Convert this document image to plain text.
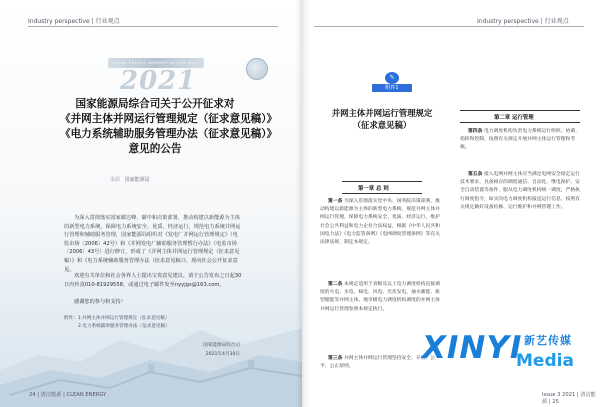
Industry perspective | 行业观点
CHINA ENERGY ADMINISTRATION 2021
2021
国家能源局综合司关于公开征求对
《并网主体并网运行管理规定（征求意见稿）》
《电力系统辅助服务管理办法（征求意见稿）》
意见的公告
来源 国家能源局
为深入贯彻落实国家碳达峰、碳中和决策部署，推动构建以新能源为主体的新型电力系统，保障电力系统安全、优质、经济运行，规范电力系统并网运行管理和辅助服务管理，国家能源局组织对《发电厂并网运行管理规定》（电监市场〔2006〕42号）和《并网发电厂辅助服务管理暂行办法》（电监市场〔2006〕43号）进行修订，形成了《并网主体并网运行管理规定（征求意见稿）》和《电力系统辅助服务管理办法（征求意见稿）》，现向社会公开征求意见。
欢迎有关单位和社会各界人士提出宝贵意见建议，请于公告发布之日起30日内传真010-81929558，或通过电子邮件发至nyyjgs@163.com。
感谢您的参与和支持！
附件：1.并网主体并网运行管理规定（征求意见稿）
2.电力系统辅助服务管理办法（征求意见稿）
国家能源局综合司
2021年4月30日
24 | 清洁能源 | CLEAN ENERGY
Industry perspective | 行业观点
✎
附件1
并网主体并网运行管理规定
（征求意见稿）
第一章 总 则
第一条 为深入贯彻落实党中央、国务院决策部署，推动构建以新能源为主体的新型电力系统，规范并网主体并网运行管理，保障电力系统安全、优质、经济运行，维护社会公共利益和电力企业合法权益，根据《中华人民共和国电力法》《电力监管条例》《电网调度管理条例》等有关法律法规，制定本规定。
第二条 本规定适用于省级及以上电力调度机构直接调度的火电、水电、核电、风电、光伏发电、抽水蓄能、新型储能等并网主体。地市级电力调度机构调度的并网主体并网运行管理参照本规定执行。
第三条 并网主体并网运行管理坚持安全、开放、公平、公正原则。
第二章 运行管理
第四条 电力调度机构负责电力系统运行组织、协调、指挥和控制，按照有关规定开展并网主体运行管理和考核。
第五条 接入电网并网主体应当满足电网安全稳定运行技术要求，具备相应的调度通信、自动化、继电保护、安全自动装置等条件，服从电力调度机构统一调度，严格执行调度指令，如实向电力调度机构报送运行信息，按照有关规定做好设备检修、运行维护和并网管理工作。
XINYI 新艺传媒
Media
Issue 3 2021 | 清洁能源 | 25
